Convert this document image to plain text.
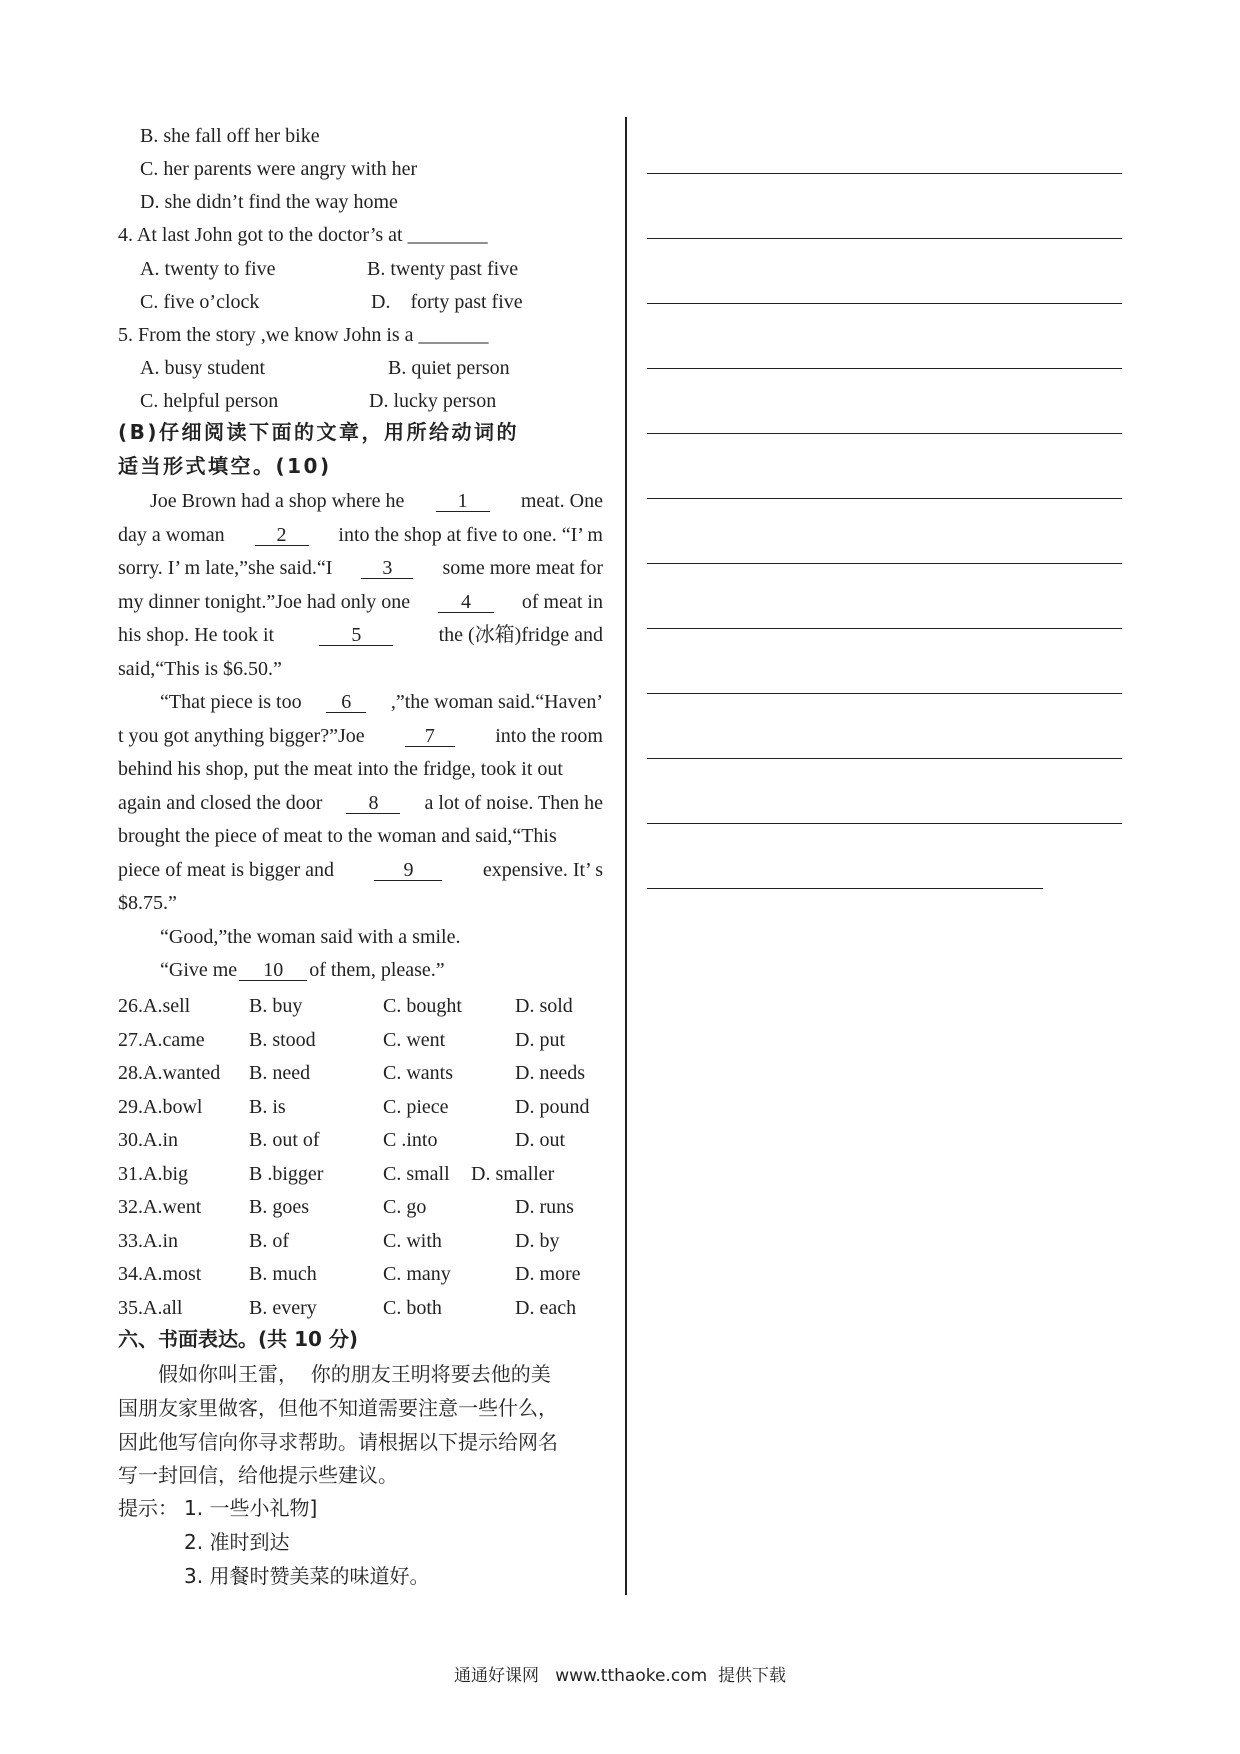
B. she fall off her bike
C. her parents were angry with her
D. she didn’t find the way home
4. At last John got to the doctor’s at ________
A. twenty to five	B. twenty past five
C. five o’clock	D.    forty past five
5. From the story ,we know John is a _______
A. busy student	B. quiet person
C. helpful person	D. lucky person
(B)仔细阅读下面的文章，用所给动词的
适当形式填空。(10)
Joe Brown had a shop where he	1	meat. One
day a woman	2	into the shop at five to one. “I’ m
sorry. I’ m late,”she said.“I	3	some more meat for
my dinner tonight.”Joe had only one	4	of meat in
his shop. He took it	5	the (冰箱)fridge and
said,“This is $6.50.”
“That piece is too	6	,”the woman said.“Haven’
t you got anything bigger?”Joe	7	into the room
behind his shop, put the meat into the fridge, took it out
again and closed the door	8	a lot of noise. Then he
brought the piece of meat to the woman and said,“This
piece of meat is bigger and	9	expensive. It’ s
$8.75.”
“Good,”the woman said with a smile.
“Give me	10	of them, please.”
26.A.sell	B. buy	C. bought	D. sold
27.A.came B. stood	C. went	D. put
28.A.wanted B. need	C. wants	D. needs
29.A.bowl B. is	C. piece	D. pound
30.A.in	B. out of	C .into	D. out
31.A.big	B .bigger	C. small D. smaller
32.A.went B. goes	C. go	D. runs
33.A.in	B. of	C. with	D. by
34.A.most B. much	C. many	D. more
35.A.all	B. every	C. both	D. each
六、书面表达。(共 10 分)
假如你叫王雷，  你的朋友王明将要去他的美
国朋友家里做客，但他不知道需要注意一些什么，
因此他写信向你寻求帮助。请根据以下提示给网名
写一封回信，给他提示些建议。
提示： 1. 一些小礼物]
2. 准时到达
3. 用餐时赞美菜的味道好。
通通好课网   www.tthaoke.com  提供下载
